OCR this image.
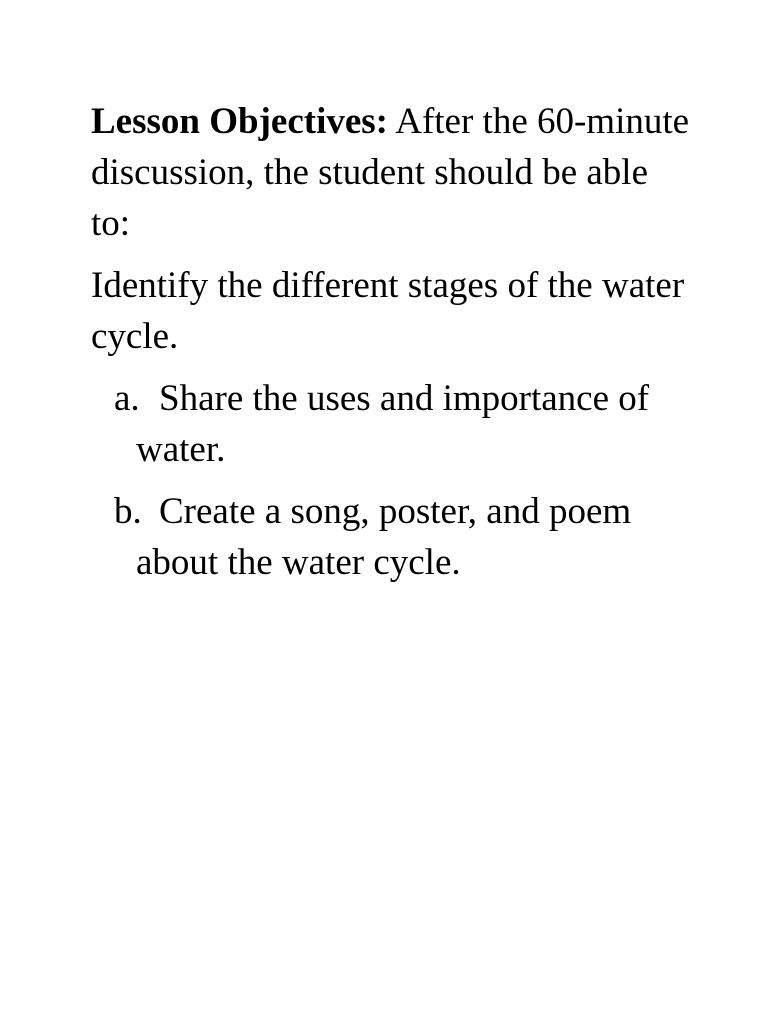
Lesson Objectives: After the 60-minute discussion, the student should be able to:

Identify the different stages of the water cycle.

a. Share the uses and importance of water.
b. Create a song, poster, and poem about the water cycle.
